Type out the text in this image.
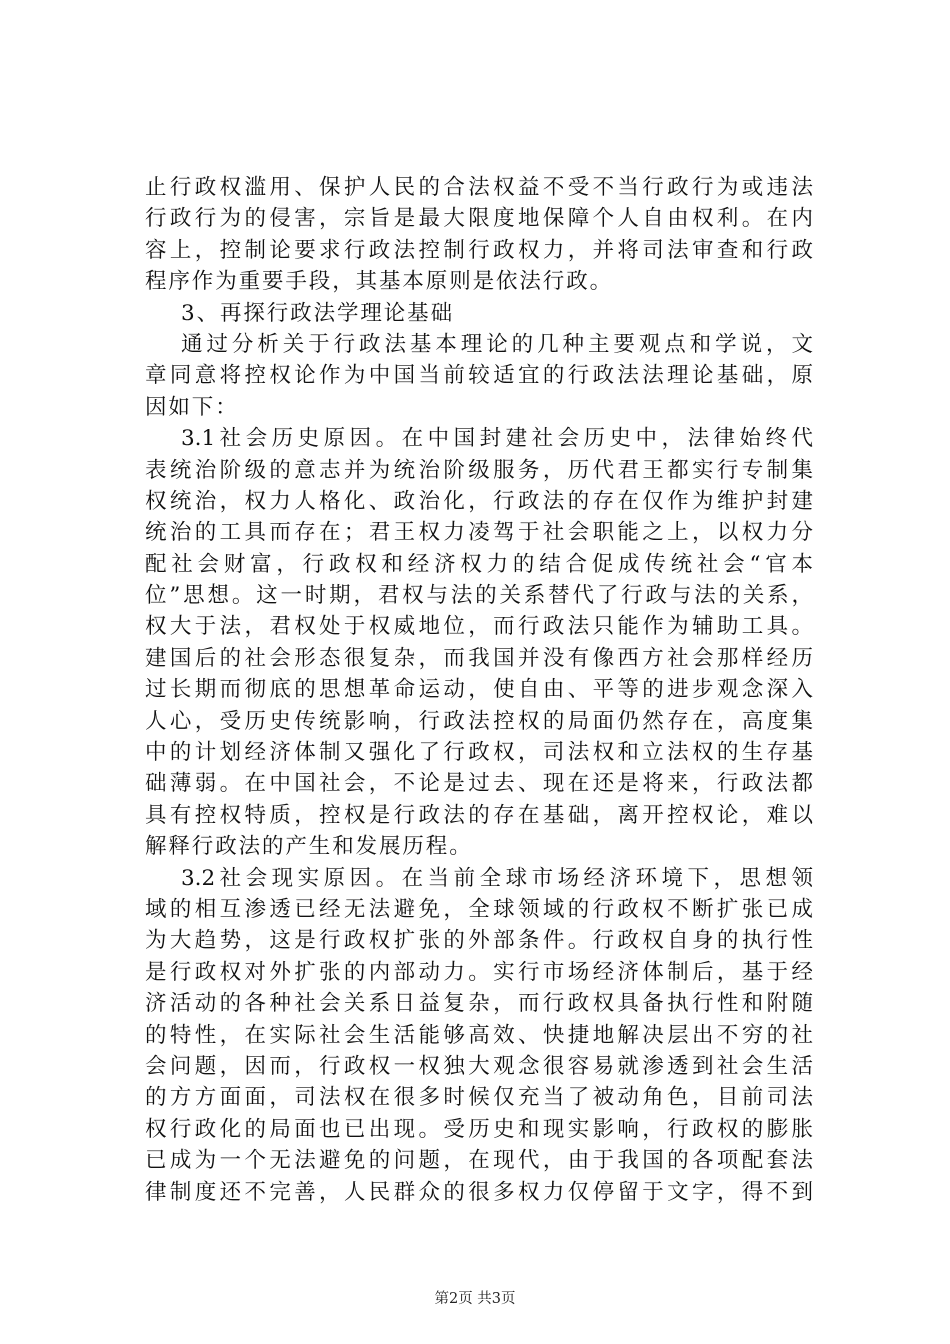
止行政权滥用、保护人民的合法权益不受不当行政行为或违法
行政行为的侵害，宗旨是最大限度地保障个人自由权利。在内
容上，控制论要求行政法控制行政权力，并将司法审查和行政
程序作为重要手段，其基本原则是依法行政。
3、再探行政法学理论基础
通过分析关于行政法基本理论的几种主要观点和学说，文
章同意将控权论作为中国当前较适宜的行政法法理论基础，原
因如下：
3.1社会历史原因。在中国封建社会历史中，法律始终代
表统治阶级的意志并为统治阶级服务，历代君王都实行专制集
权统治，权力人格化、政治化，行政法的存在仅作为维护封建
统治的工具而存在；君王权力凌驾于社会职能之上，以权力分
配社会财富，行政权和经济权力的结合促成传统社会“官本
位”思想。这一时期，君权与法的关系替代了行政与法的关系，
权大于法，君权处于权威地位，而行政法只能作为辅助工具。
建国后的社会形态很复杂，而我国并没有像西方社会那样经历
过长期而彻底的思想革命运动，使自由、平等的进步观念深入
人心，受历史传统影响，行政法控权的局面仍然存在，高度集
中的计划经济体制又强化了行政权，司法权和立法权的生存基
础薄弱。在中国社会，不论是过去、现在还是将来，行政法都
具有控权特质，控权是行政法的存在基础，离开控权论，难以
解释行政法的产生和发展历程。
3.2社会现实原因。在当前全球市场经济环境下，思想领
域的相互渗透已经无法避免，全球领域的行政权不断扩张已成
为大趋势，这是行政权扩张的外部条件。行政权自身的执行性
是行政权对外扩张的内部动力。实行市场经济体制后，基于经
济活动的各种社会关系日益复杂，而行政权具备执行性和附随
的特性，在实际社会生活能够高效、快捷地解决层出不穷的社
会问题，因而，行政权一权独大观念很容易就渗透到社会生活
的方方面面，司法权在很多时候仅充当了被动角色，目前司法
权行政化的局面也已出现。受历史和现实影响，行政权的膨胀
已成为一个无法避免的问题，在现代，由于我国的各项配套法
律制度还不完善，人民群众的很多权力仅停留于文字，得不到
第2页 共3页
